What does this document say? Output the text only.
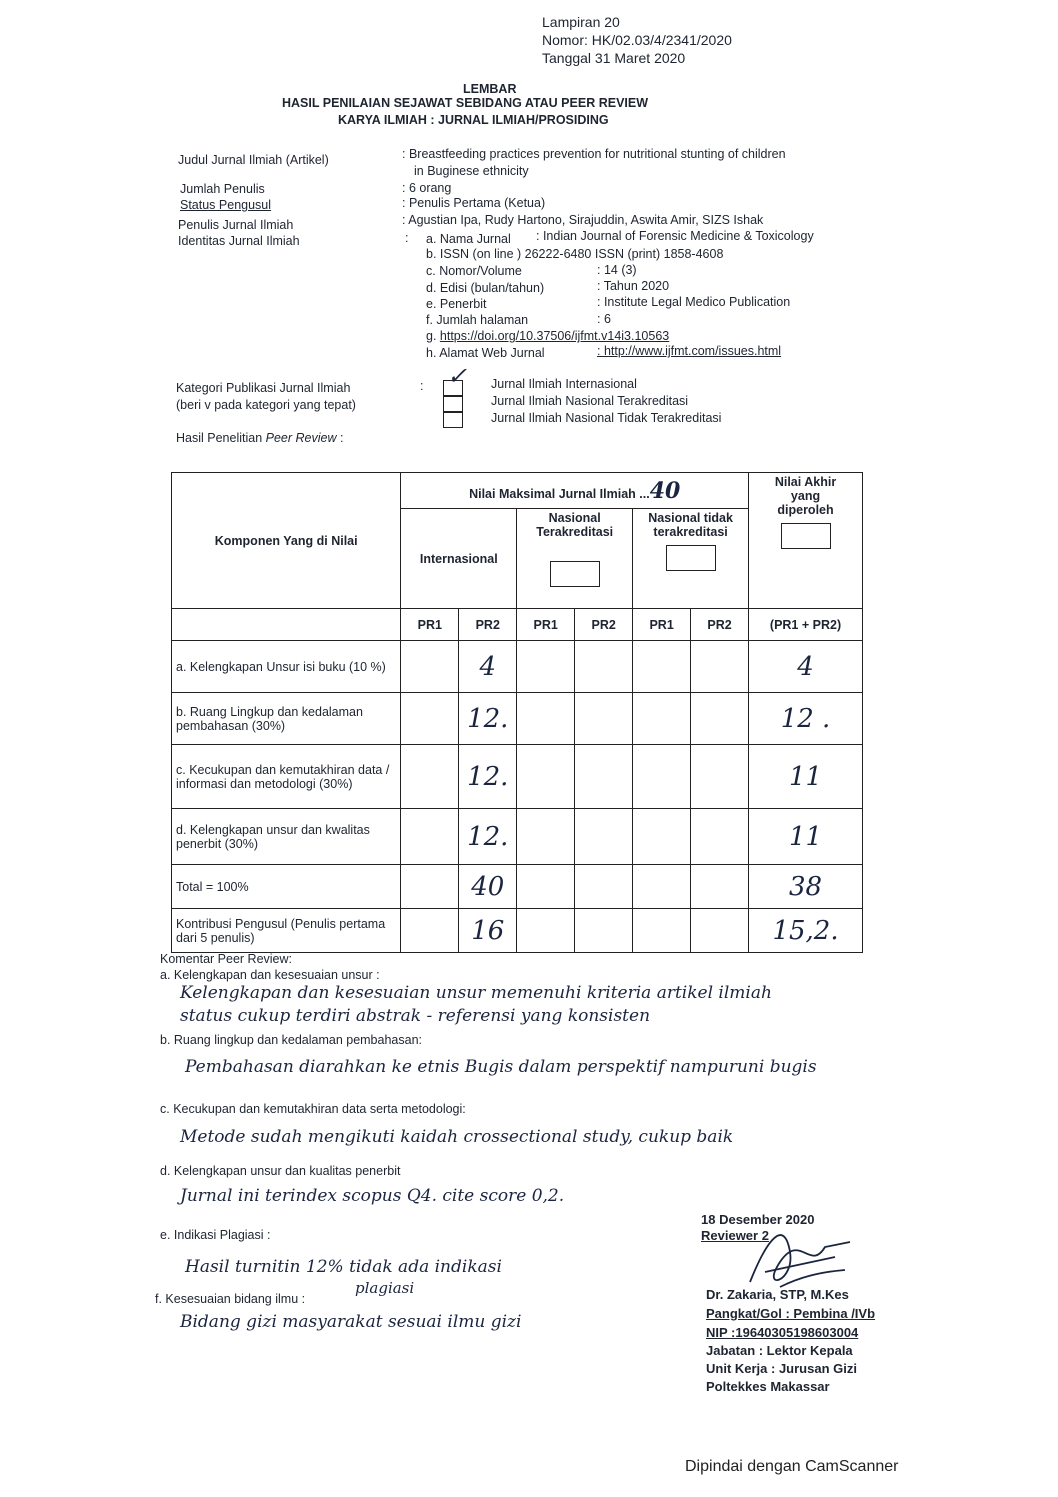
Lampiran 20
Nomor: HK/02.03/4/2341/2020
Tanggal 31 Maret 2020
LEMBAR
HASIL PENILAIAN SEJAWAT SEBIDANG ATAU PEER REVIEW
KARYA ILMIAH : JURNAL ILMIAH/PROSIDING
Judul Jurnal Ilmiah (Artikel)	: Breastfeeding practices prevention for nutritional stunting of children
in Buginese ethnicity
Jumlah Penulis	: 6 orang
Status Pengusul	: Penulis Pertama (Ketua)
Penulis Jurnal Ilmiah	: Agustian Ipa, Rudy Hartono, Sirajuddin, Aswita Amir, SIZS Ishak
Identitas Jurnal Ilmiah	: a. Nama Jurnal : Indian Journal of Forensic Medicine & Toxicology
b. ISSN (on line ) 26222-6480 ISSN (print) 1858-4608
c. Nomor/Volume	: 14 (3)
d. Edisi (bulan/tahun)	: Tahun 2020
e. Penerbit	: Institute Legal Medico Publication
f. Jumlah halaman	: 6
g. https://doi.org/10.37506/ijfmt.v14i3.10563
h. Alamat Web Jurnal	: http://www.ijfmt.com/issues.html
Kategori Publikasi Jurnal Ilmiah
(beri v pada kategori yang tepat)
: ✓ Jurnal Ilmiah Internasional
Jurnal Ilmiah Nasional Terakreditasi
Jurnal Ilmiah Nasional Tidak Terakreditasi
Hasil Penelitian Peer Review :
Komponen Yang di Nilai	Nilai Maksimal Jurnal Ilmiah ...40						Nilai Akhir yang diperoleh

	Internasional		Nasional Terakreditasi		Nasional tidak terakreditasi		

	PR1	PR2	PR1	PR2	PR1	PR2	(PR1 + PR2)
a. Kelengkapan Unsur isi buku (10 %)		4					4
b. Ruang Lingkup dan kedalaman pembahasan (30%)		12.					12 .
c. Kecukupan dan kemutakhiran data / informasi dan metodologi (30%)		12.					11
d. Kelengkapan unsur dan kwalitas penerbit (30%)		12.					11
Total = 100%		40					38
Kontribusi Pengusul (Penulis pertama dari 5 penulis)		16					15,2.
Komentar Peer Review:
a. Kelengkapan dan kesesuaian unsur :
Kelengkapan dan kesesuaian unsur memenuhi kriteria artikel ilmiah
status cukup terdiri abstrak - referensi yang konsisten
b. Ruang lingkup dan kedalaman pembahasan:
Pembahasan diarahkan ke etnis Bugis dalam perspektif nampuruni bugis
c. Kecukupan dan kemutakhiran data serta metodologi:
Metode sudah mengikuti kaidah crossectional study, cukup baik
d. Kelengkapan unsur dan kualitas penerbit
Jurnal ini terindex scopus Q4. cite score 0,2.
e. Indikasi Plagiasi :
Hasil turnitin 12% tidak ada indikasi
plagiasi
f. Kesesuaian bidang ilmu :
Bidang gizi masyarakat sesuai ilmu gizi
18 Desember 2020
Reviewer 2
Dr. Zakaria, STP, M.Kes
Pangkat/Gol : Pembina /IVb
NIP :19640305198603004
Jabatan : Lektor Kepala
Unit Kerja : Jurusan Gizi
Poltekkes Makassar
Dipindai dengan CamScanner
